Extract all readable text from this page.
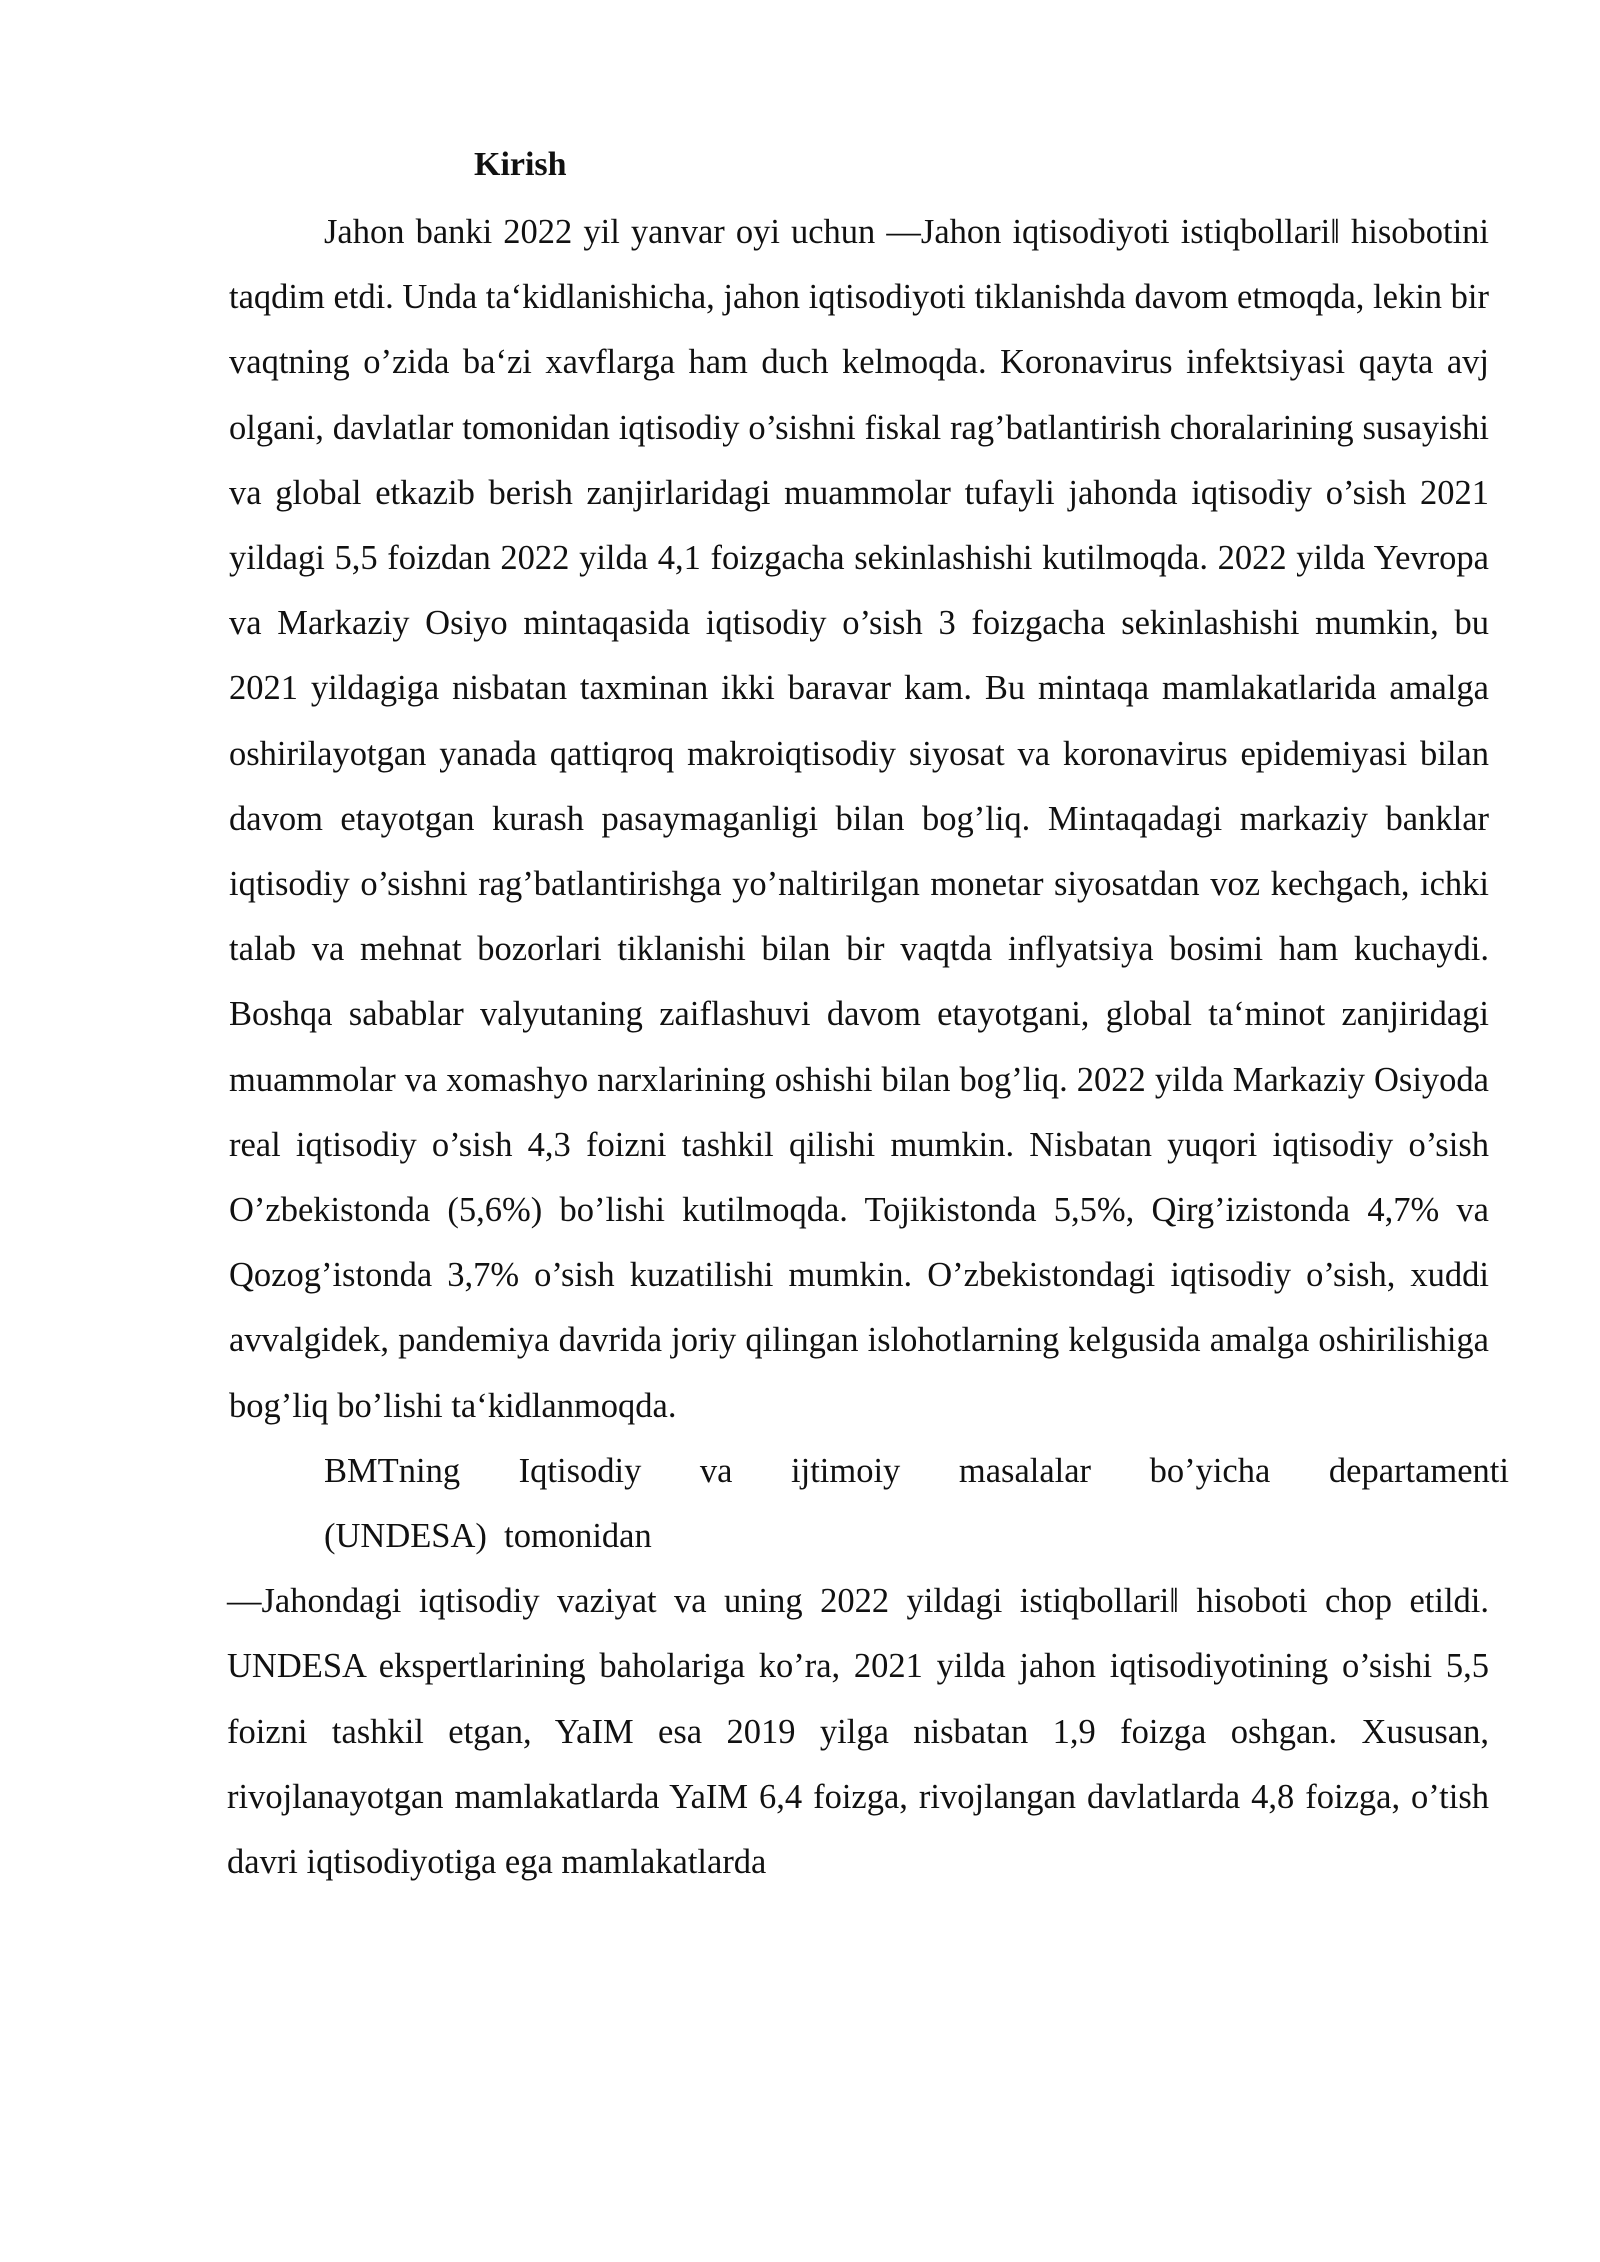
Kirish

Jahon banki 2022 yil yanvar oyi uchun —Jahon iqtisodiyoti istiqbollari‖ hisobotini taqdim etdi. Unda ta‘kidlanishicha, jahon iqtisodiyoti tiklanishda davom etmoqda, lekin bir vaqtning o’zida ba‘zi xavflarga ham duch kelmoqda. Koronavirus infektsiyasi qayta avj olgani, davlatlar tomonidan iqtisodiy o’sishni fiskal rag’batlantirish choralarining susayishi va global etkazib berish zanjirlaridagi muammolar tufayli jahonda iqtisodiy o’sish 2021 yildagi 5,5 foizdan 2022 yilda 4,1 foizgacha sekinlashishi kutilmoqda. 2022 yilda Yevropa va Markaziy Osiyo mintaqasida iqtisodiy o’sish 3 foizgacha sekinlashishi mumkin, bu 2021 yildagiga nisbatan taxminan ikki baravar kam. Bu mintaqa mamlakatlarida amalga oshirilayotgan yanada qattiqroq makroiqtisodiy siyosat va koronavirus epidemiyasi bilan davom etayotgan kurash pasaymaganligi bilan bog’liq. Mintaqadagi markaziy banklar iqtisodiy o’sishni rag’batlantirishga yo’naltirilgan monetar siyosatdan voz kechgach, ichki talab va mehnat bozorlari tiklanishi bilan bir vaqtda inflyatsiya bosimi ham kuchaydi. Boshqa sabablar valyutaning zaiflashuvi davom etayotgani, global ta‘minot zanjiridagi muammolar va xomashyo narxlarining oshishi bilan bog’liq. 2022 yilda Markaziy Osiyoda real iqtisodiy o’sish 4,3 foizni tashkil qilishi mumkin. Nisbatan yuqori iqtisodiy o’sish O’zbekistonda (5,6%) bo’lishi kutilmoqda. Tojikistonda 5,5%, Qirg’izistonda 4,7% va Qozog’istonda 3,7% o’sish kuzatilishi mumkin. O’zbekistondagi iqtisodiy o’sish, xuddi avvalgidek, pandemiya davrida joriy qilingan islohotlarning kelgusida amalga oshirilishiga bog’liq bo’lishi ta‘kidlanmoqda.

BMTning Iqtisodiy va ijtimoiy masalalar bo’yicha departamenti
(UNDESA)  tomonidan

—Jahondagi iqtisodiy vaziyat va uning 2022 yildagi istiqbollari‖ hisoboti chop etildi. UNDESA ekspertlarining baholariga ko’ra, 2021 yilda jahon iqtisodiyotining o’sishi 5,5 foizni tashkil etgan, YaIM esa 2019 yilga nisbatan 1,9 foizga oshgan. Xususan, rivojlanayotgan mamlakatlarda YaIM 6,4 foizga, rivojlangan davlatlarda 4,8 foizga, o’tish davri iqtisodiyotiga ega mamlakatlarda
